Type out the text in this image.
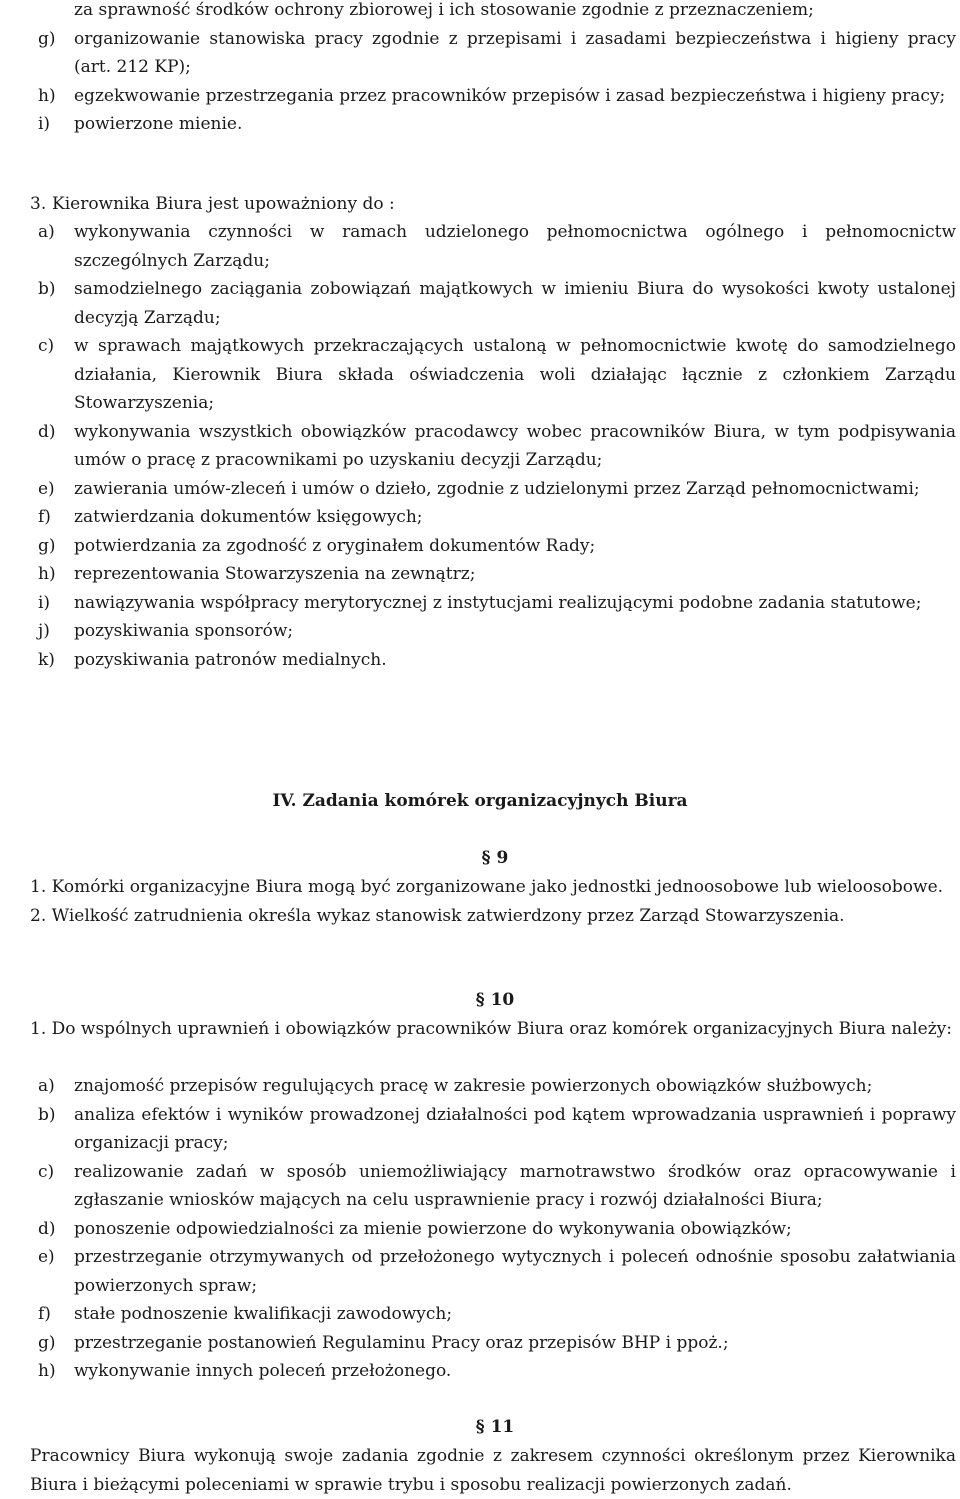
za sprawność środków ochrony zbiorowej i ich stosowanie zgodnie z przeznaczeniem;
g)	organizowanie stanowiska pracy zgodnie z przepisami i zasadami bezpieczeństwa i higieny pracy (art. 212 KP);
h)	egzekwowanie przestrzegania przez pracowników przepisów i zasad bezpieczeństwa i higieny pracy;
i)	powierzone mienie.
3. Kierownika Biura jest upoważniony do :
a)	wykonywania czynności w ramach udzielonego pełnomocnictwa ogólnego i pełnomocnictw szczególnych Zarządu;
b)	samodzielnego zaciągania zobowiązań majątkowych w imieniu Biura do wysokości kwoty ustalonej decyzją Zarządu;
c)	w sprawach majątkowych przekraczających ustaloną w pełnomocnictwie kwotę do samodzielnego działania, Kierownik Biura składa oświadczenia woli działając łącznie z członkiem Zarządu Stowarzyszenia;
d)	wykonywania wszystkich obowiązków pracodawcy wobec pracowników Biura, w tym podpisywania umów o pracę z pracownikami po uzyskaniu decyzji Zarządu;
e)	zawierania umów-zleceń i umów o dzieło, zgodnie z udzielonymi przez Zarząd pełnomocnictwami;
f)	zatwierdzania dokumentów księgowych;
g)	potwierdzania za zgodność z oryginałem dokumentów Rady;
h)	reprezentowania Stowarzyszenia na zewnątrz;
i)	nawiązywania współpracy merytorycznej z instytucjami realizującymi podobne zadania statutowe;
j)	pozyskiwania sponsorów;
k)	pozyskiwania patronów medialnych.
IV. Zadania komórek organizacyjnych Biura
§ 9
1. Komórki organizacyjne Biura mogą być zorganizowane jako jednostki jednoosobowe lub wieloosobowe.
2. Wielkość zatrudnienia określa wykaz stanowisk zatwierdzony przez Zarząd Stowarzyszenia.
§ 10
1. Do wspólnych uprawnień i obowiązków pracowników Biura oraz komórek organizacyjnych Biura należy:
a)	znajomość przepisów regulujących pracę w zakresie powierzonych obowiązków służbowych;
b)	analiza efektów i wyników prowadzonej działalności pod kątem wprowadzania usprawnień i poprawy organizacji pracy;
c)	realizowanie zadań w sposób uniemożliwiający marnotrawstwo środków oraz opracowywanie i zgłaszanie wniosków mających na celu usprawnienie pracy i rozwój działalności Biura;
d)	ponoszenie odpowiedzialności za mienie powierzone do wykonywania obowiązków;
e)	przestrzeganie otrzymywanych od przełożonego wytycznych i poleceń odnośnie sposobu załatwiania powierzonych spraw;
f)	stałe podnoszenie kwalifikacji zawodowych;
g)	przestrzeganie postanowień Regulaminu Pracy oraz przepisów BHP i ppoż.;
h)	wykonywanie innych poleceń przełożonego.
§ 11
Pracownicy Biura wykonują swoje zadania zgodnie z zakresem czynności określonym przez Kierownika Biura i bieżącymi poleceniami w sprawie trybu i sposobu realizacji powierzonych zadań.
